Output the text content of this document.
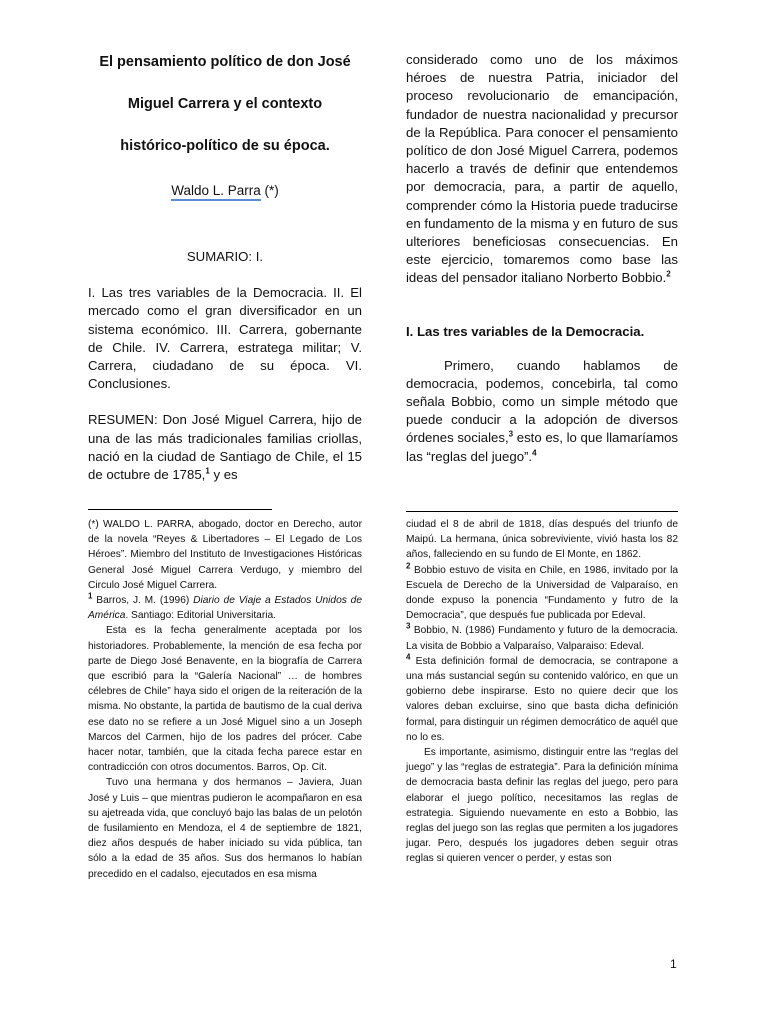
El pensamiento político de don José

Miguel Carrera y el contexto

histórico-político de su época.

Waldo L. Parra (*)

SUMARIO: I.

I. Las tres variables de la Democracia. II. El mercado como el gran diversificador en un sistema económico. III. Carrera, gobernante de Chile. IV. Carrera, estratega militar; V. Carrera, ciudadano de su época. VI. Conclusiones.

RESUMEN: Don José Miguel Carrera, hijo de una de las más tradicionales familias criollas, nació en la ciudad de Santiago de Chile, el 15 de octubre de 1785,$^1$ y es

considerado como uno de los máximos héroes de nuestra Patria, iniciador del proceso revolucionario de emancipación, fundador de nuestra nacionalidad y precursor de la República. Para conocer el pensamiento político de don José Miguel Carrera, podemos hacerlo a través de definir que entendemos por democracia, para, a partir de aquello, comprender cómo la Historia puede traducirse en fundamento de la misma y en futuro de sus ulteriores beneficiosas consecuencias. En este ejercicio, tomaremos como base las ideas del pensador italiano Norberto Bobbio.$^2$

I. Las tres variables de la Democracia.

Primero, cuando hablamos de democracia, podemos, concebirla, tal como señala Bobbio, como un simple método que puede conducir a la adopción de diversos órdenes sociales,$^3$ esto es, lo que llamaríamos las “reglas del juego”.$^4$

(*) WALDO L. PARRA, abogado, doctor en Derecho, autor de la novela “Reyes & Libertadores – El Legado de Los Héroes”. Miembro del Instituto de Investigaciones Históricas General José Miguel Carrera Verdugo, y miembro del Circulo José Miguel Carrera.

$^1$ Barros, J. M. (1996) Diario de Viaje a Estados Unidos de América. Santiago: Editorial Universitaria.

Esta es la fecha generalmente aceptada por los historiadores. Probablemente, la mención de esa fecha por parte de Diego José Benavente, en la biografía de Carrera que escribió para la “Galería Nacional” … de hombres célebres de Chile” haya sido el origen de la reiteración de la misma. No obstante, la partida de bautismo de la cual deriva ese dato no se refiere a un José Miguel sino a un Joseph Marcos del Carmen, hijo de los padres del prócer. Cabe hacer notar, también, que la citada fecha parece estar en contradicción con otros documentos. Barros, Op. Cit.

Tuvo una hermana y dos hermanos – Javiera, Juan José y Luis – que mientras pudieron le acompañaron en esa su ajetreada vida, que concluyó bajo las balas de un pelotón de fusilamiento en Mendoza, el 4 de septiembre de 1821, diez años después de haber iniciado su vida pública, tan sólo a la edad de 35 años. Sus dos hermanos lo habían precedido en el cadalso, ejecutados en esa misma

ciudad el 8 de abril de 1818, días después del triunfo de Maipú. La hermana, única sobreviviente, vivió hasta los 82 años, falleciendo en su fundo de El Monte, en 1862.

$^2$ Bobbio estuvo de visita en Chile, en 1986, invitado por la Escuela de Derecho de la Universidad de Valparaíso, en donde expuso la ponencia “Fundamento y futro de la Democracia”, que después fue publicada por Edeval.

$^3$ Bobbio, N. (1986) Fundamento y futuro de la democracia. La visita de Bobbio a Valparaíso, Valparaiso: Edeval.

$^4$ Esta definición formal de democracia, se contrapone a una más sustancial según su contenido valórico, en que un gobierno debe inspirarse. Esto no quiere decir que los valores deban excluirse, sino que basta dicha definición formal, para distinguir un régimen democrático de aquél que no lo es.

Es importante, asimismo, distinguir entre las “reglas del juego” y las “reglas de estrategia”. Para la definición mínima de democracia basta definir las reglas del juego, pero para elaborar el juego político, necesitamos las reglas de estrategia. Siguiendo nuevamente en esto a Bobbio, las reglas del juego son las reglas que permiten a los jugadores jugar. Pero, después los jugadores deben seguir otras reglas si quieren vencer o perder, y estas son

1
